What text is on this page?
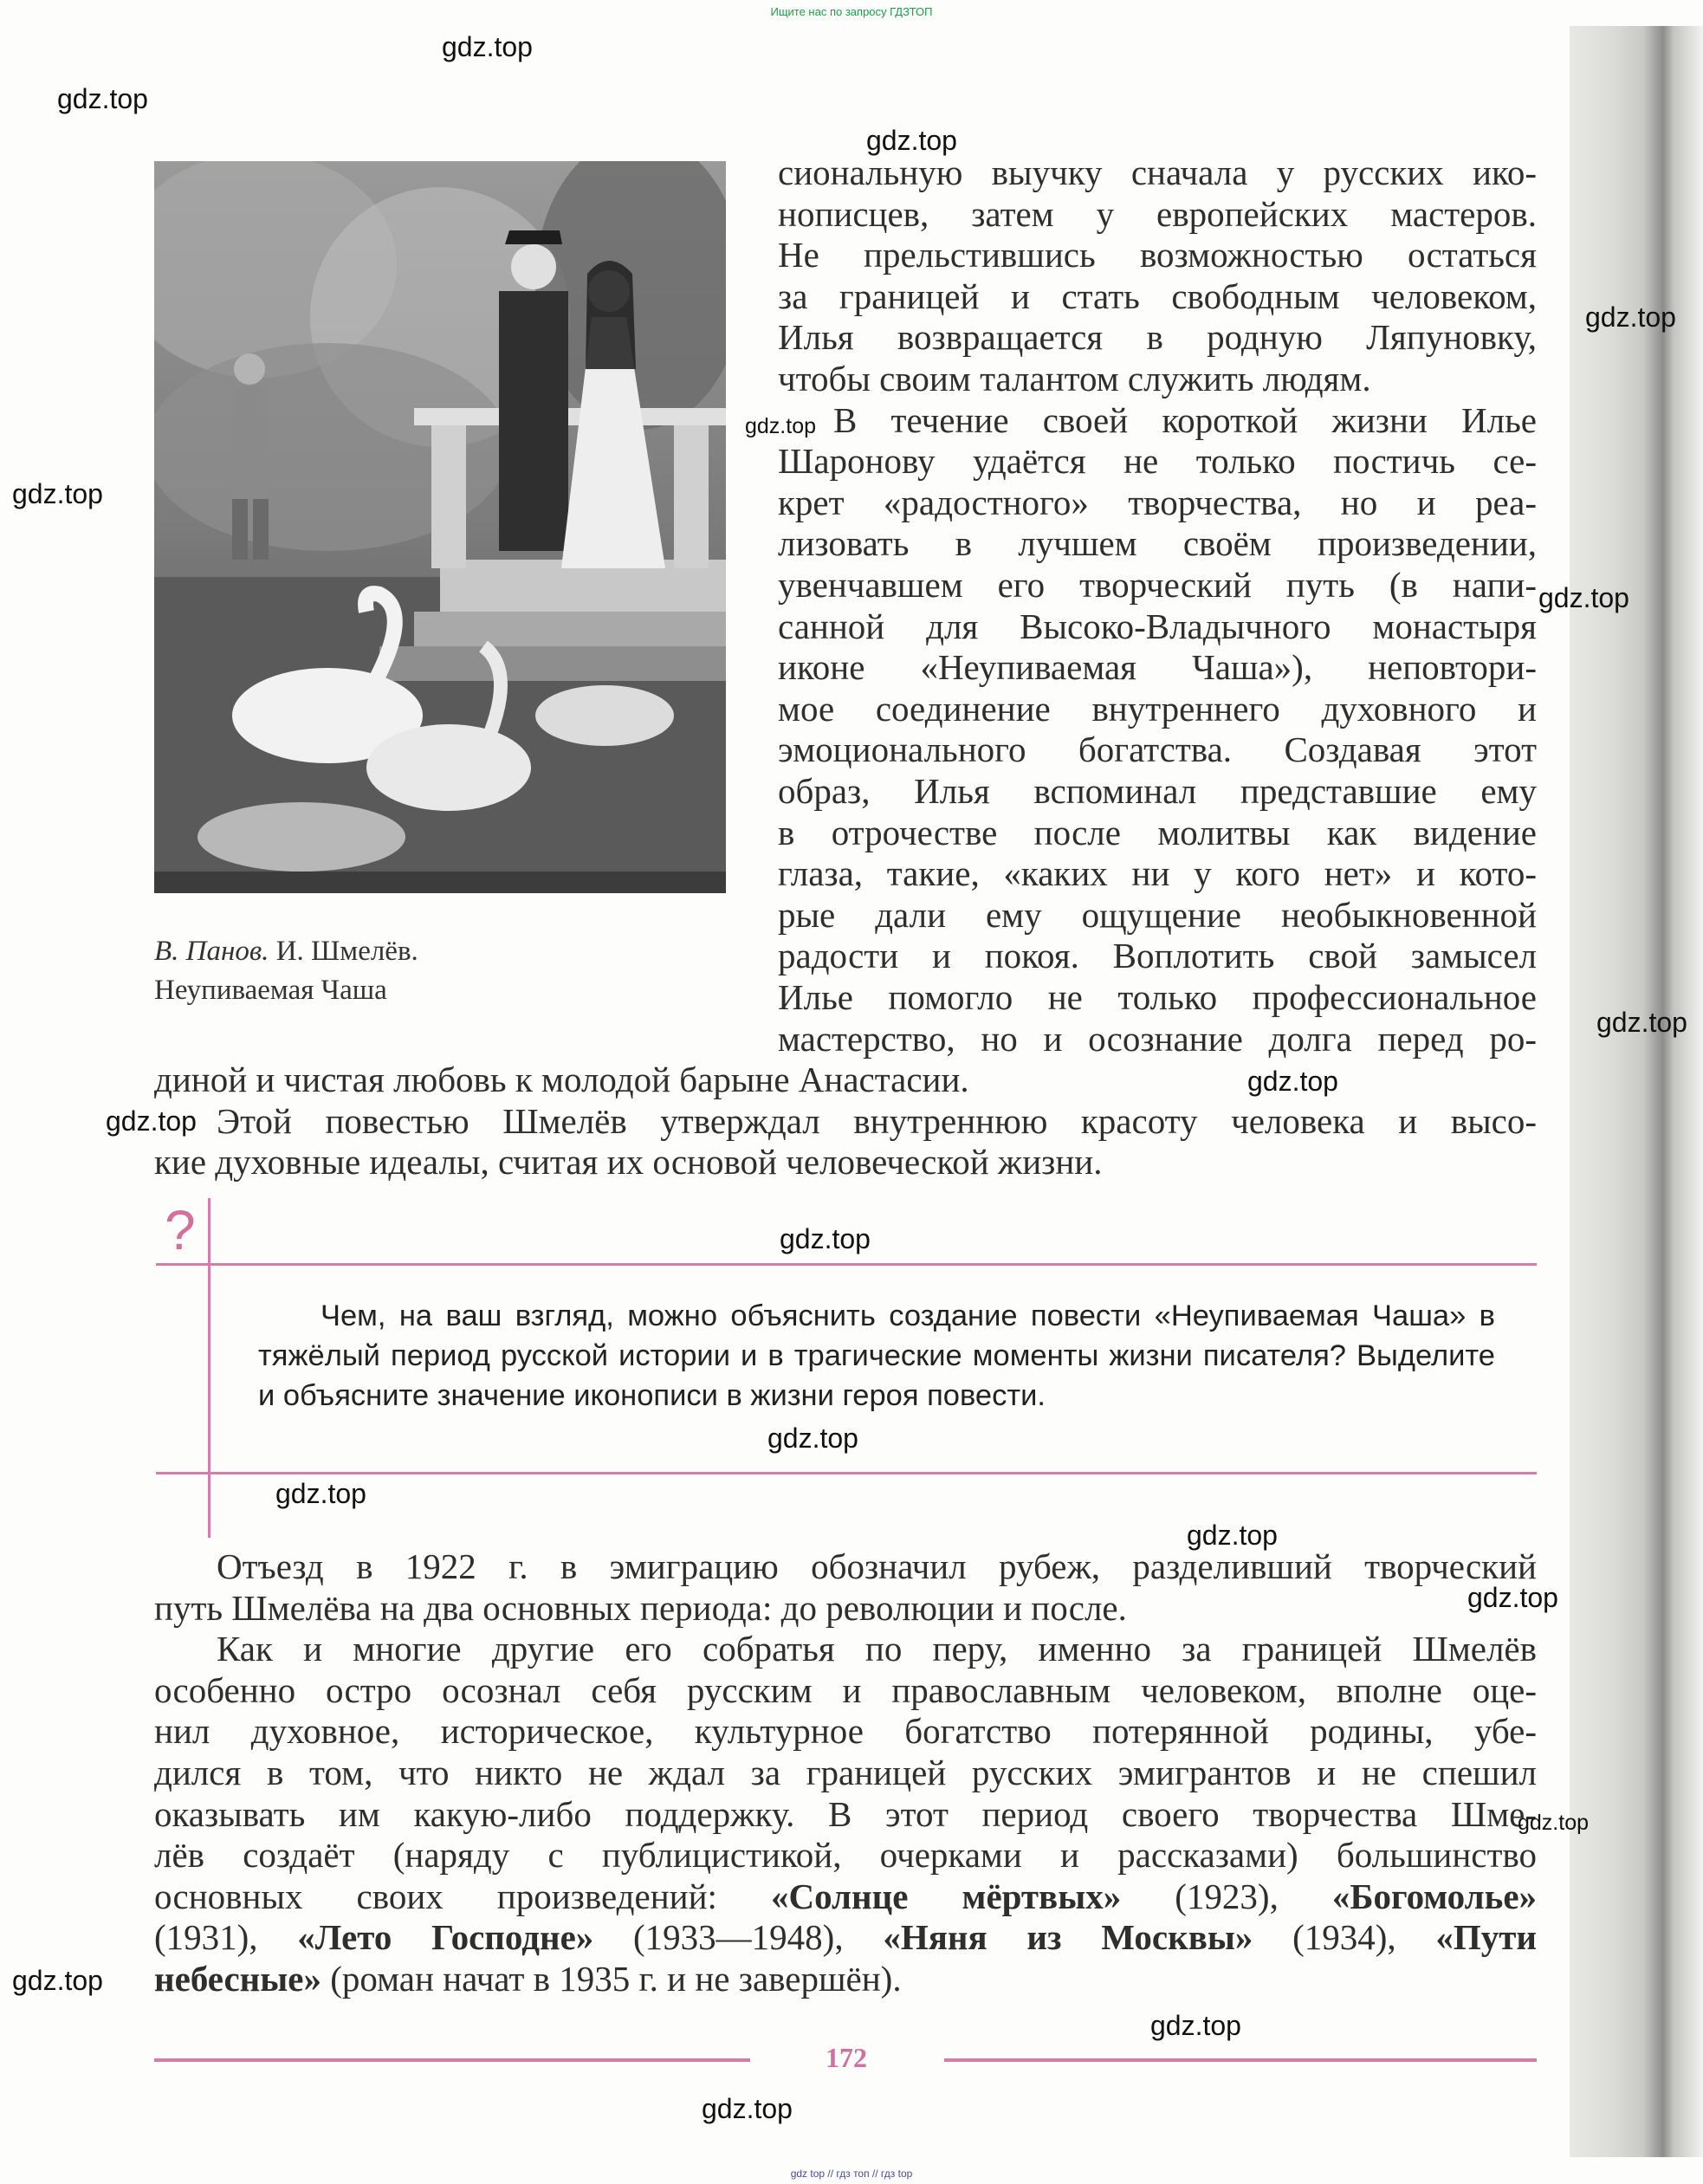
Ищите нас по запросу ГДЗТОП
В. Панов. И. Шмелёв.
Неупиваемая Чаша
сиональную выучку сначала у русских ико-
нописцев, затем у европейских мастеров.
Не прельстившись возможностью остаться
за границей и стать свободным человеком,
Илья возвращается в родную Ляпуновку,
чтобы своим талантом служить людям.
В течение своей короткой жизни Илье
Шаронову удаётся не только постичь се-
крет «радостного» творчества, но и реа-
лизовать в лучшем своём произведении,
увенчавшем его творческий путь (в напи-
санной для Высоко-Владычного монастыря
иконе «Неупиваемая Чаша»), неповтори-
мое соединение внутреннего духовного и
эмоционального богатства. Создавая этот
образ, Илья вспоминал представшие ему
в отрочестве после молитвы как видение
глаза, такие, «каких ни у кого нет» и кото-
рые дали ему ощущение необыкновенной
радости и покоя. Воплотить свой замысел
Илье помогло не только профессиональное
мастерство, но и осознание долга перед ро-
диной и чистая любовь к молодой барыне Анастасии.
Этой повестью Шмелёв утверждал внутреннюю красоту человека и высо-
кие духовные идеалы, считая их основой человеческой жизни.
?
Чем, на ваш взгляд, можно объяснить создание повести «Неупиваемая Чаша» в тяжёлый период русской истории и в трагические моменты жизни писателя? Выделите и объясните значение иконописи в жизни героя повести.
Отъезд в 1922 г. в эмиграцию обозначил рубеж, разделивший творческий
путь Шмелёва на два основных периода: до революции и после.
Как и многие другие его собратья по перу, именно за границей Шмелёв
особенно остро осознал себя русским и православным человеком, вполне оце-
нил духовное, историческое, культурное богатство потерянной родины, убе-
дился в том, что никто не ждал за границей русских эмигрантов и не спешил
оказывать им какую-либо поддержку. В этот период своего творчества Шме-
лёв создаёт (наряду с публицистикой, очерками и рассказами) большинство
основных своих произведений: «Солнце мёртвых» (1923), «Богомолье»
(1931), «Лето Господне» (1933—1948), «Няня из Москвы» (1934), «Пути
небесные» (роман начат в 1935 г. и не завершён).
172
gdz top // гдз топ // гдз top
gdz.top
gdz.top
gdz.top
gdz.top
gdz.top
gdz.top
gdz.top
gdz.top
gdz.top
gdz.top
gdz.top
gdz.top
gdz.top
gdz.top
gdz.top
gdz.top
gdz.top
gdz.top
gdz.top
